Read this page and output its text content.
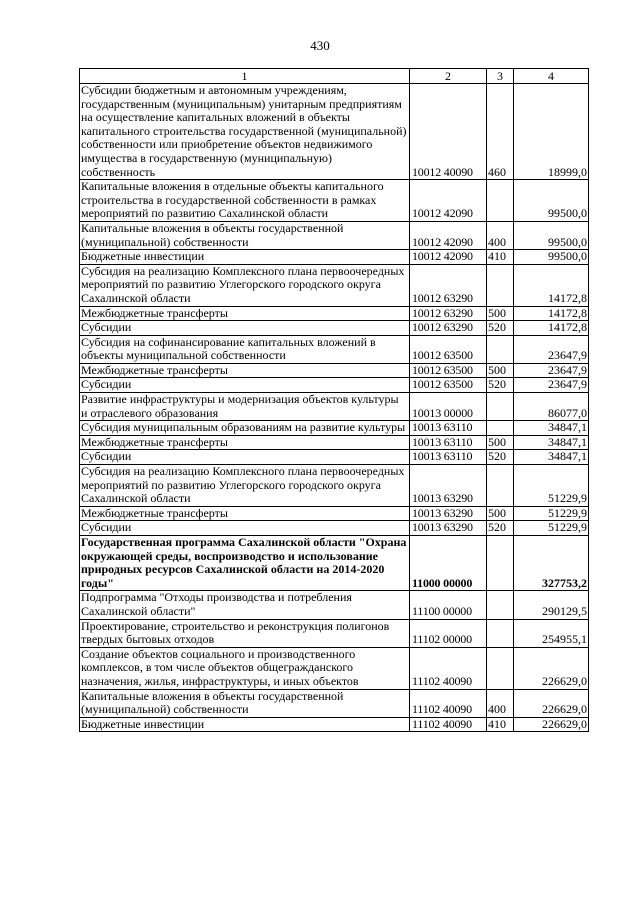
430
1	2	3	4
Субсидии бюджетным и автономным учреждениям, государственным (муниципальным) унитарным предприятиям на осуществление капитальных вложений в объекты капитального строительства государственной (муниципальной) собственности или приобретение объектов недвижимого имущества в государственную (муниципальную) собственность	10012 40090	460	18999,0
Капитальные вложения в отдельные объекты капитального строительства в государственной собственности в рамках мероприятий по развитию Сахалинской области	10012 42090		99500,0
Капитальные вложения в объекты государственной (муниципальной) собственности	10012 42090	400	99500,0
Бюджетные инвестиции	10012 42090	410	99500,0
Субсидия на реализацию Комплексного плана первоочередных мероприятий по развитию Углегорского городского округа Сахалинской области	10012 63290		14172,8
Межбюджетные трансферты	10012 63290	500	14172,8
Субсидии	10012 63290	520	14172,8
Субсидия на софинансирование капитальных вложений в объекты муниципальной собственности	10012 63500		23647,9
Межбюджетные трансферты	10012 63500	500	23647,9
Субсидии	10012 63500	520	23647,9
Развитие инфраструктуры и модернизация объектов культуры и отраслевого образования	10013 00000		86077,0
Субсидия муниципальным образованиям на развитие культуры	10013 63110		34847,1
Межбюджетные трансферты	10013 63110	500	34847,1
Субсидии	10013 63110	520	34847,1
Субсидия на реализацию Комплексного плана первоочередных мероприятий по развитию Углегорского городского округа Сахалинской области	10013 63290		51229,9
Межбюджетные трансферты	10013 63290	500	51229,9
Субсидии	10013 63290	520	51229,9
Государственная программа Сахалинской области "Охрана окружающей среды, воспроизводство и использование природных ресурсов Сахалинской области на 2014-2020 годы"	11000 00000		327753,2
Подпрограмма "Отходы производства и потребления Сахалинской области"	11100 00000		290129,5
Проектирование, строительство и реконструкция полигонов твердых бытовых отходов	11102 00000		254955,1
Создание объектов социального и производственного комплексов, в том числе объектов общегражданского назначения, жилья, инфраструктуры, и иных объектов	11102 40090		226629,0
Капитальные вложения в объекты государственной (муниципальной) собственности	11102 40090	400	226629,0
Бюджетные инвестиции	11102 40090	410	226629,0
